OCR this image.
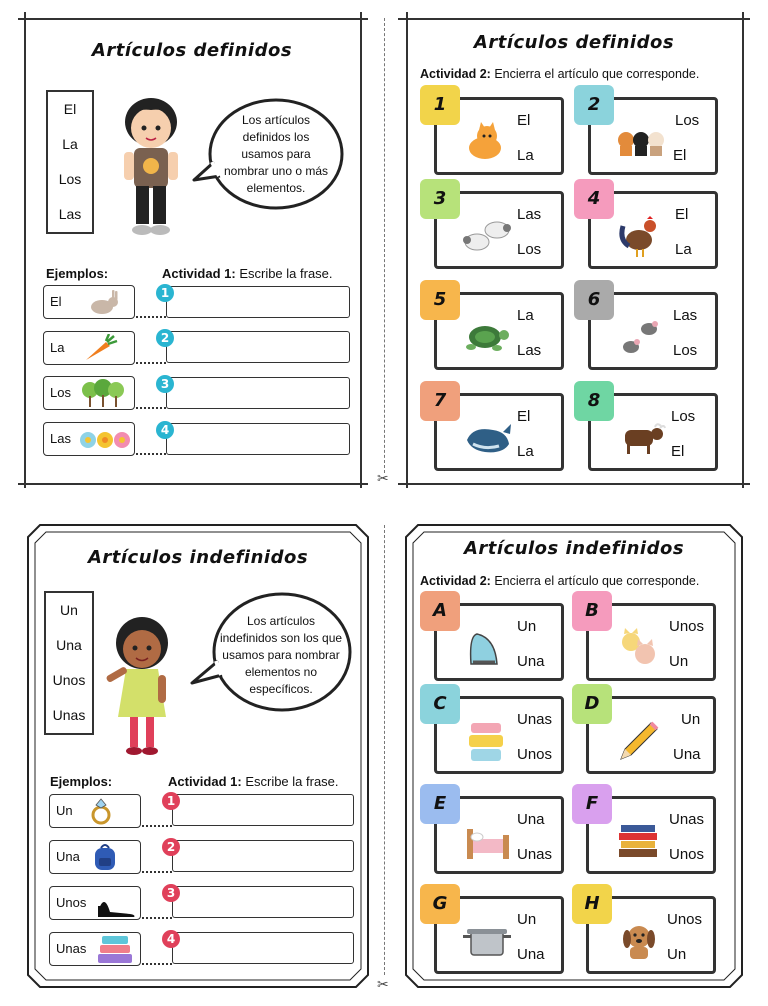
✂
✂
Artículos definidos
El
La
Los
Las
Los artículos
definidos los
usamos para
nombrar uno o más
elementos.
Ejemplos:	Actividad 1: Escribe la frase.
El
La
Los
Las
1
2
3
4
Artículos definidos
Actividad 2: Encierra el artículo que corresponde.
El
La
1
Los
El
2
Las
Los
3
El
La
4
La
Las
5
Las
Los
6
El
La
7
Los
El
8
Artículos indefinidos
Un
Una
Unos
Unas
Los artículos
indefinidos son los que
usamos para nombrar
elementos no
específicos.
Ejemplos:	Actividad 1: Escribe la frase.
Un
Una
Unos
Unas
1
2
3
4
Artículos indefinidos
Actividad 2: Encierra el artículo que corresponde.
Un
Una
A
Unos
Un
B
Unas
Unos
C
Un
Una
D
Una
Unas
E
Unas
Unos
F
Un
Una
G
Unos
Un
H
